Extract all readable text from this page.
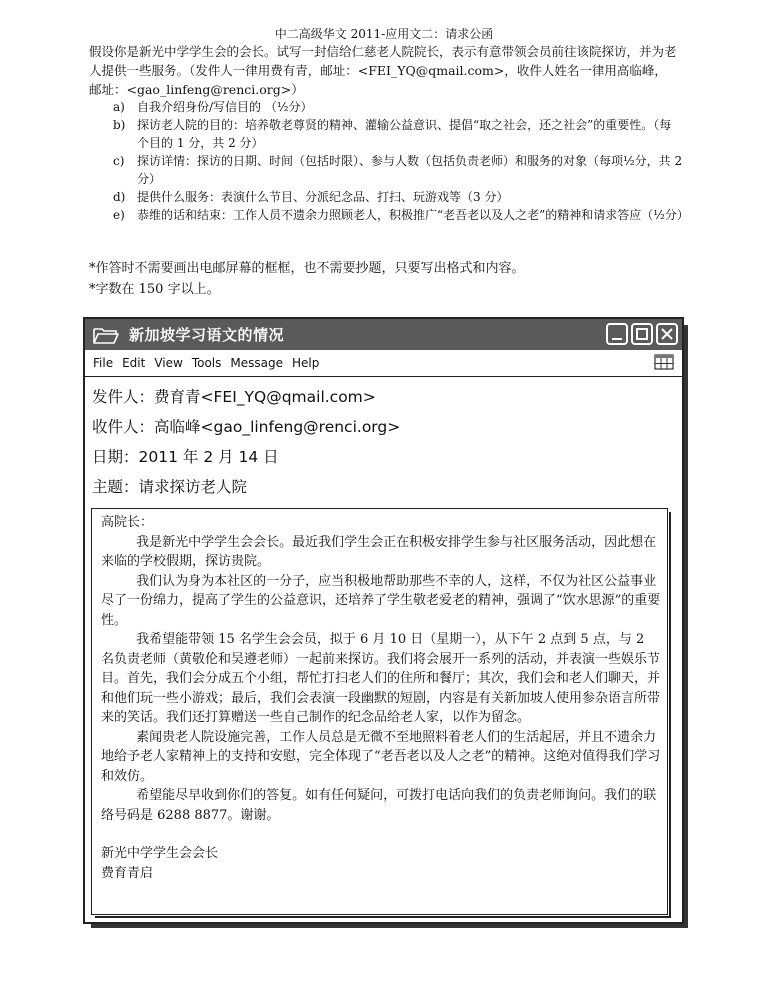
中二高级华文 2011-应用文二：请求公函
假设你是新光中学学生会的会长。试写一封信给仁慈老人院院长，表示有意带领会员前往该院探访，并为老人提供一些服务。（发件人一律用费有青，邮址：<FEI_YQ@qmail.com>，收件人姓名一律用高临峰，邮址：<gao_linfeng@renci.org>）
a)	自我介绍身份/写信目的 （½分）
b) 探访老人院的目的：培养敬老尊贤的精神、灌输公益意识、提倡“取之社会，还之社会”的重要性。（每个目的 1 分，共 2 分）
c)	探访详情：探访的日期、时间（包括时限）、参与人数（包括负责老师）和服务的对象（每项½分，共 2 分）
d) 提供什么服务：表演什么节目、分派纪念品、打扫、玩游戏等（3 分）
e)	恭维的话和结束：工作人员不遗余力照顾老人，积极推广“老吾老以及人之老”的精神和请求答应（½分）
*作答时不需要画出电邮屏幕的框框，也不需要抄题，只要写出格式和内容。
*字数在 150 字以上。
新加坡学习语文的情况
File Edit View Tools Message Help
发件人： 费育青<FEI_YQ@qmail.com>
收件人： 高临峰<gao_linfeng@renci.org>
日期： 2011 年 2 月 14 日
主题： 请求探访老人院

高院长：

我是新光中学学生会会长。最近我们学生会正在积极安排学生参与社区服务活动，因此想在来临的学校假期，探访贵院。

我们认为身为本社区的一分子，应当积极地帮助那些不幸的人，这样，不仅为社区公益事业尽了一份绵力，提高了学生的公益意识，还培养了学生敬老爱老的精神，强调了“饮水思源”的重要性。

我希望能带领 15 名学生会会员，拟于 6 月 10 日（星期一），从下午 2 点到 5 点，与 2 名负责老师（黄敬伦和吴遵老师）一起前来探访。我们将会展开一系列的活动，并表演一些娱乐节目。首先，我们会分成五个小组，帮忙打扫老人们的住所和餐厅；其次，我们会和老人们聊天，并和他们玩一些小游戏；最后，我们会表演一段幽默的短剧，内容是有关新加坡人使用参杂语言所带来的笑话。我们还打算赠送一些自己制作的纪念品给老人家，以作为留念。

素闻贵老人院设施完善，工作人员总是无微不至地照料着老人们的生活起居，并且不遗余力地给予老人家精神上的支持和安慰，完全体现了“老吾老以及人之老”的精神。这绝对值得我们学习和效仿。

希望能尽早收到你们的答复。如有任何疑问，可拨打电话向我们的负责老师询问。我们的联络号码是 6288 8877。谢谢。

新光中学学生会会长

费育青启
